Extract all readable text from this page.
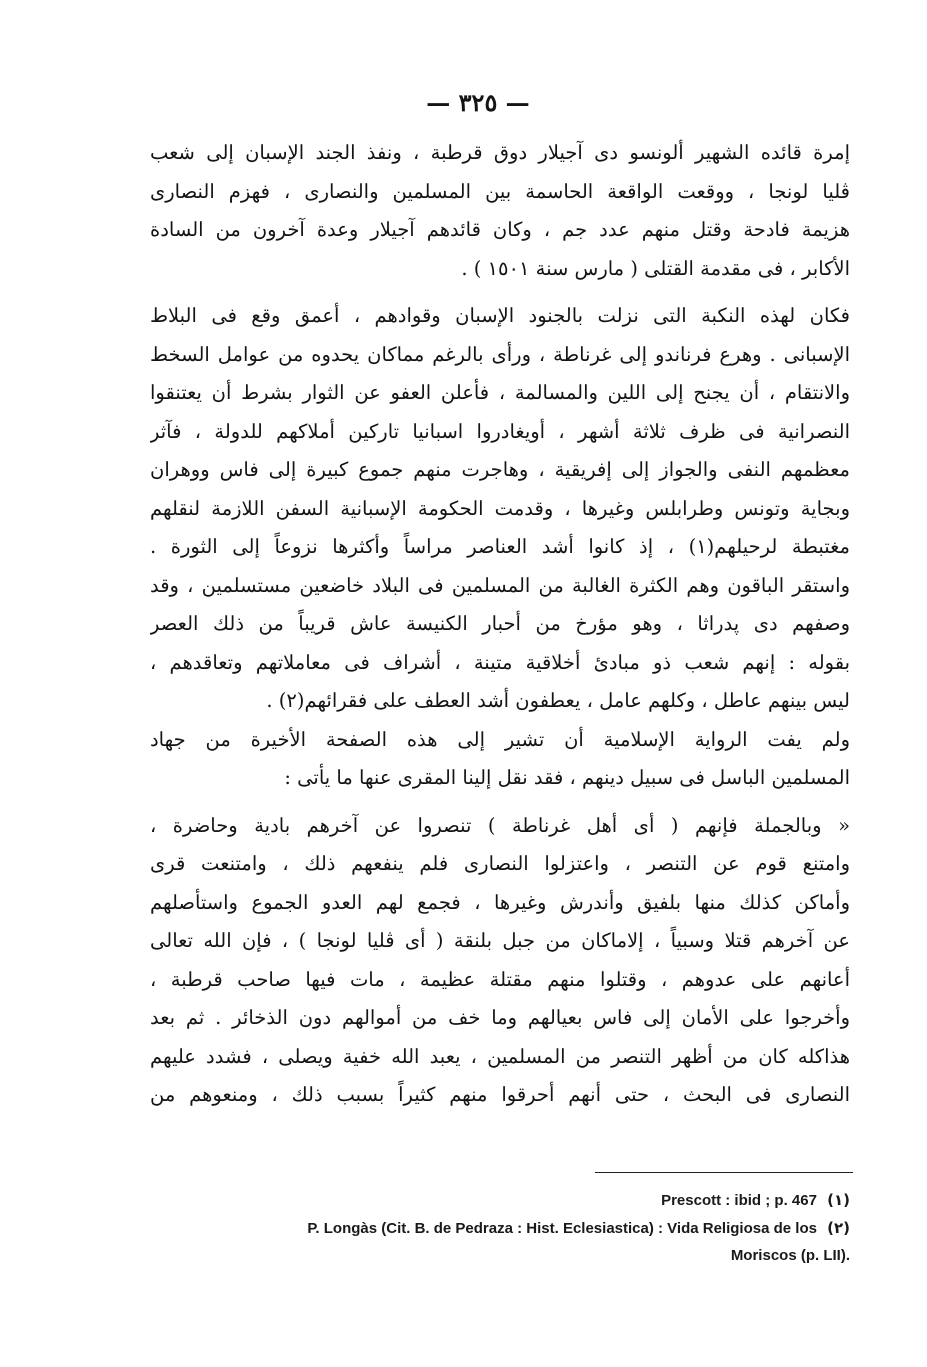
— ٣٢٥ —
إمرة قائده الشهير ألونسو دى آجيلار دوق قرطبة ، ونفذ الجند الإسبان إلى شعب
ڤليا لونجا ، ووقعت الواقعة الحاسمة بين المسلمين والنصارى ، فهزم النصارى
هزيمة فادحة وقتل منهم عدد جم ، وكان قائدهم آجيلار وعدة آخرون من السادة
الأكابر ، فى مقدمة القتلى ( مارس سنة ١٥٠١ ) .
فكان لهذه النكبة التى نزلت بالجنود الإسبان وقوادهم ، أعمق وقع فى البلاط
الإسبانى . وهرع فرناندو إلى غرناطة ، ورأى بالرغم مماكان يحدوه من عوامل السخط
والانتقام ، أن يجنح إلى اللين والمسالمة ، فأعلن العفو عن الثوار بشرط أن يعتنقوا
النصرانية فى ظرف ثلاثة أشهر ، أويغادروا اسبانيا تاركين أملاكهم للدولة ، فآثر
معظمهم النفى والجواز إلى إفريقية ، وهاجرت منهم جموع كبيرة إلى فاس ووهران
وبجاية وتونس وطرابلس وغيرها ، وقدمت الحكومة الإسبانية السفن اللازمة لنقلهم
مغتبطة لرحيلهم(١) ، إذ كانوا أشد العناصر مراساً وأكثرها نزوعاً إلى الثورة .
واستقر الباقون وهم الكثرة الغالبة من المسلمين فى البلاد خاضعين مستسلمين ، وقد
وصفهم دى پدراثا ، وهو مؤرخ من أحبار الكنيسة عاش قريباً من ذلك العصر
بقوله : إنهم شعب ذو مبادئ أخلاقية متينة ، أشراف فى معاملاتهم وتعاقدهم ،
ليس بينهم عاطل ، وكلهم عامل ، يعطفون أشد العطف على فقرائهم(٢) .
ولم يفت الرواية الإسلامية أن تشير إلى هذه الصفحة الأخيرة من جهاد
المسلمين الباسل فى سبيل دينهم ، فقد نقل إلينا المقرى عنها ما يأتى :
« وبالجملة فإنهم ( أى أهل غرناطة ) تنصروا عن آخرهم بادية وحاضرة ،
وامتنع قوم عن التنصر ، واعتزلوا النصارى فلم ينفعهم ذلك ، وامتنعت قرى
وأماكن كذلك منها بلفيق وأندرش وغيرها ، فجمع لهم العدو الجموع واستأصلهم
عن آخرهم قتلا وسبياً ، إلاماكان من جبل بلنقة ( أى ڤليا لونجا ) ، فإن الله تعالى
أعانهم على عدوهم ، وقتلوا منهم مقتلة عظيمة ، مات فيها صاحب قرطبة ،
وأخرجوا على الأمان إلى فاس بعيالهم وما خف من أموالهم دون الذخائر . ثم بعد
هذاكله كان من أظهر التنصر من المسلمين ، يعبد الله خفية ويصلى ، فشدد عليهم
النصارى فى البحث ، حتى أنهم أحرقوا منهم كثيراً بسبب ذلك ، ومنعوهم من
Prescott : ibid ; p. 467 (١)
P. Longàs (Cit. B. de Pedraza : Hist. Eclesiastica) : Vida Religiosa de los (٢)
Moriscos (p. LII).
